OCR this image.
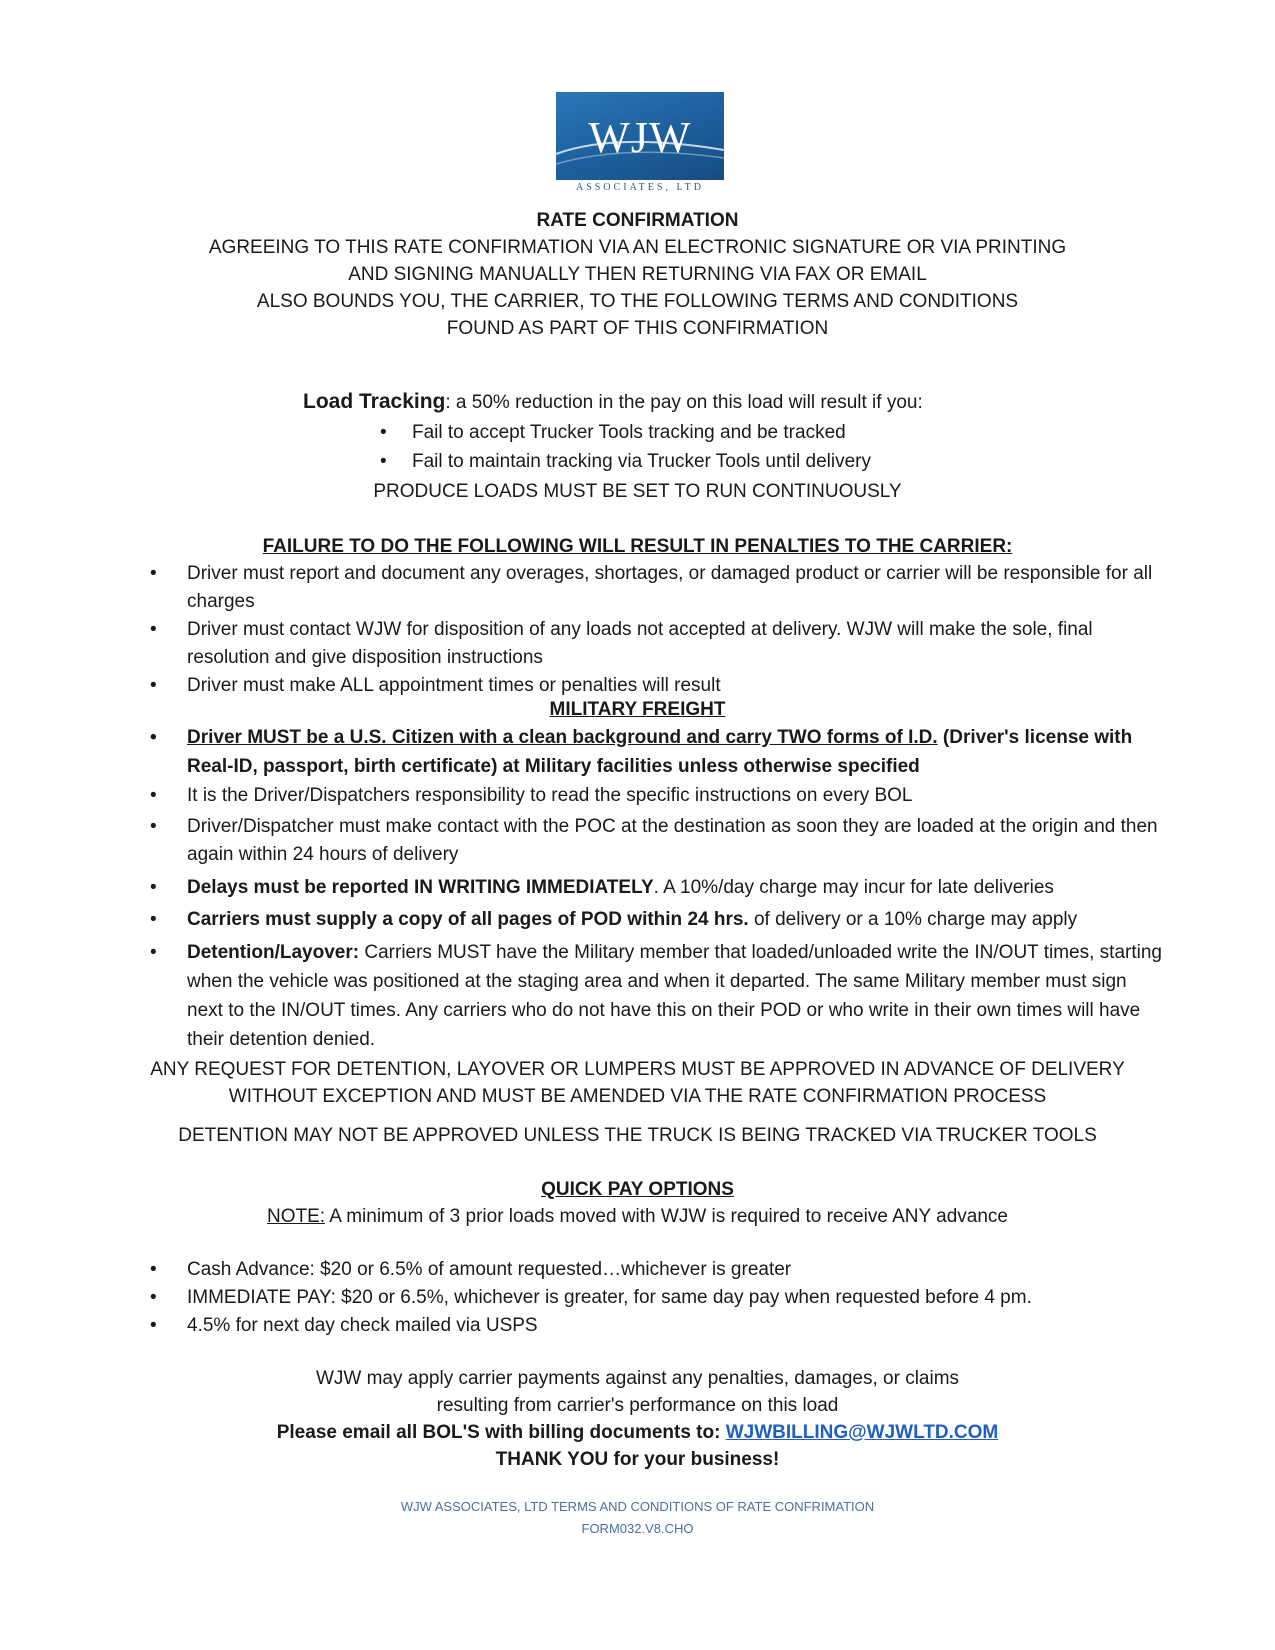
WJW
ASSOCIATES, LTD
RATE CONFIRMATION
AGREEING TO THIS RATE CONFIRMATION VIA AN ELECTRONIC SIGNATURE OR VIA PRINTING
AND SIGNING MANUALLY THEN RETURNING VIA FAX OR EMAIL
ALSO BOUNDS YOU, THE CARRIER, TO THE FOLLOWING TERMS AND CONDITIONS
FOUND AS PART OF THIS CONFIRMATION
Load Tracking: a 50% reduction in the pay on this load will result if you:
• Fail to accept Trucker Tools tracking and be tracked
• Fail to maintain tracking via Trucker Tools until delivery
PRODUCE LOADS MUST BE SET TO RUN CONTINUOUSLY
FAILURE TO DO THE FOLLOWING WILL RESULT IN PENALTIES TO THE CARRIER:
• Driver must report and document any overages, shortages, or damaged product or carrier will be responsible for all charges
• Driver must contact WJW for disposition of any loads not accepted at delivery. WJW will make the sole, final resolution and give disposition instructions
• Driver must make ALL appointment times or penalties will result
MILITARY FREIGHT
• Driver MUST be a U.S. Citizen with a clean background and carry TWO forms of I.D. (Driver's license with Real-ID, passport, birth certificate) at Military facilities unless otherwise specified
• It is the Driver/Dispatchers responsibility to read the specific instructions on every BOL
• Driver/Dispatcher must make contact with the POC at the destination as soon they are loaded at the origin and then again within 24 hours of delivery
• Delays must be reported IN WRITING IMMEDIATELY. A 10%/day charge may incur for late deliveries
• Carriers must supply a copy of all pages of POD within 24 hrs. of delivery or a 10% charge may apply
• Detention/Layover: Carriers MUST have the Military member that loaded/unloaded write the IN/OUT times, starting when the vehicle was positioned at the staging area and when it departed. The same Military member must sign next to the IN/OUT times. Any carriers who do not have this on their POD or who write in their own times will have their detention denied.
ANY REQUEST FOR DETENTION, LAYOVER OR LUMPERS MUST BE APPROVED IN ADVANCE OF DELIVERY
WITHOUT EXCEPTION AND MUST BE AMENDED VIA THE RATE CONFIRMATION PROCESS
DETENTION MAY NOT BE APPROVED UNLESS THE TRUCK IS BEING TRACKED VIA TRUCKER TOOLS
QUICK PAY OPTIONS
NOTE: A minimum of 3 prior loads moved with WJW is required to receive ANY advance
• Cash Advance: $20 or 6.5% of amount requested…whichever is greater
• IMMEDIATE PAY: $20 or 6.5%, whichever is greater, for same day pay when requested before 4 pm.
• 4.5% for next day check mailed via USPS
WJW may apply carrier payments against any penalties, damages, or claims
resulting from carrier's performance on this load
Please email all BOL'S with billing documents to: WJWBILLING@WJWLTD.COM
THANK YOU for your business!
WJW ASSOCIATES, LTD TERMS AND CONDITIONS OF RATE CONFRIMATION
FORM032.V8.CHO
